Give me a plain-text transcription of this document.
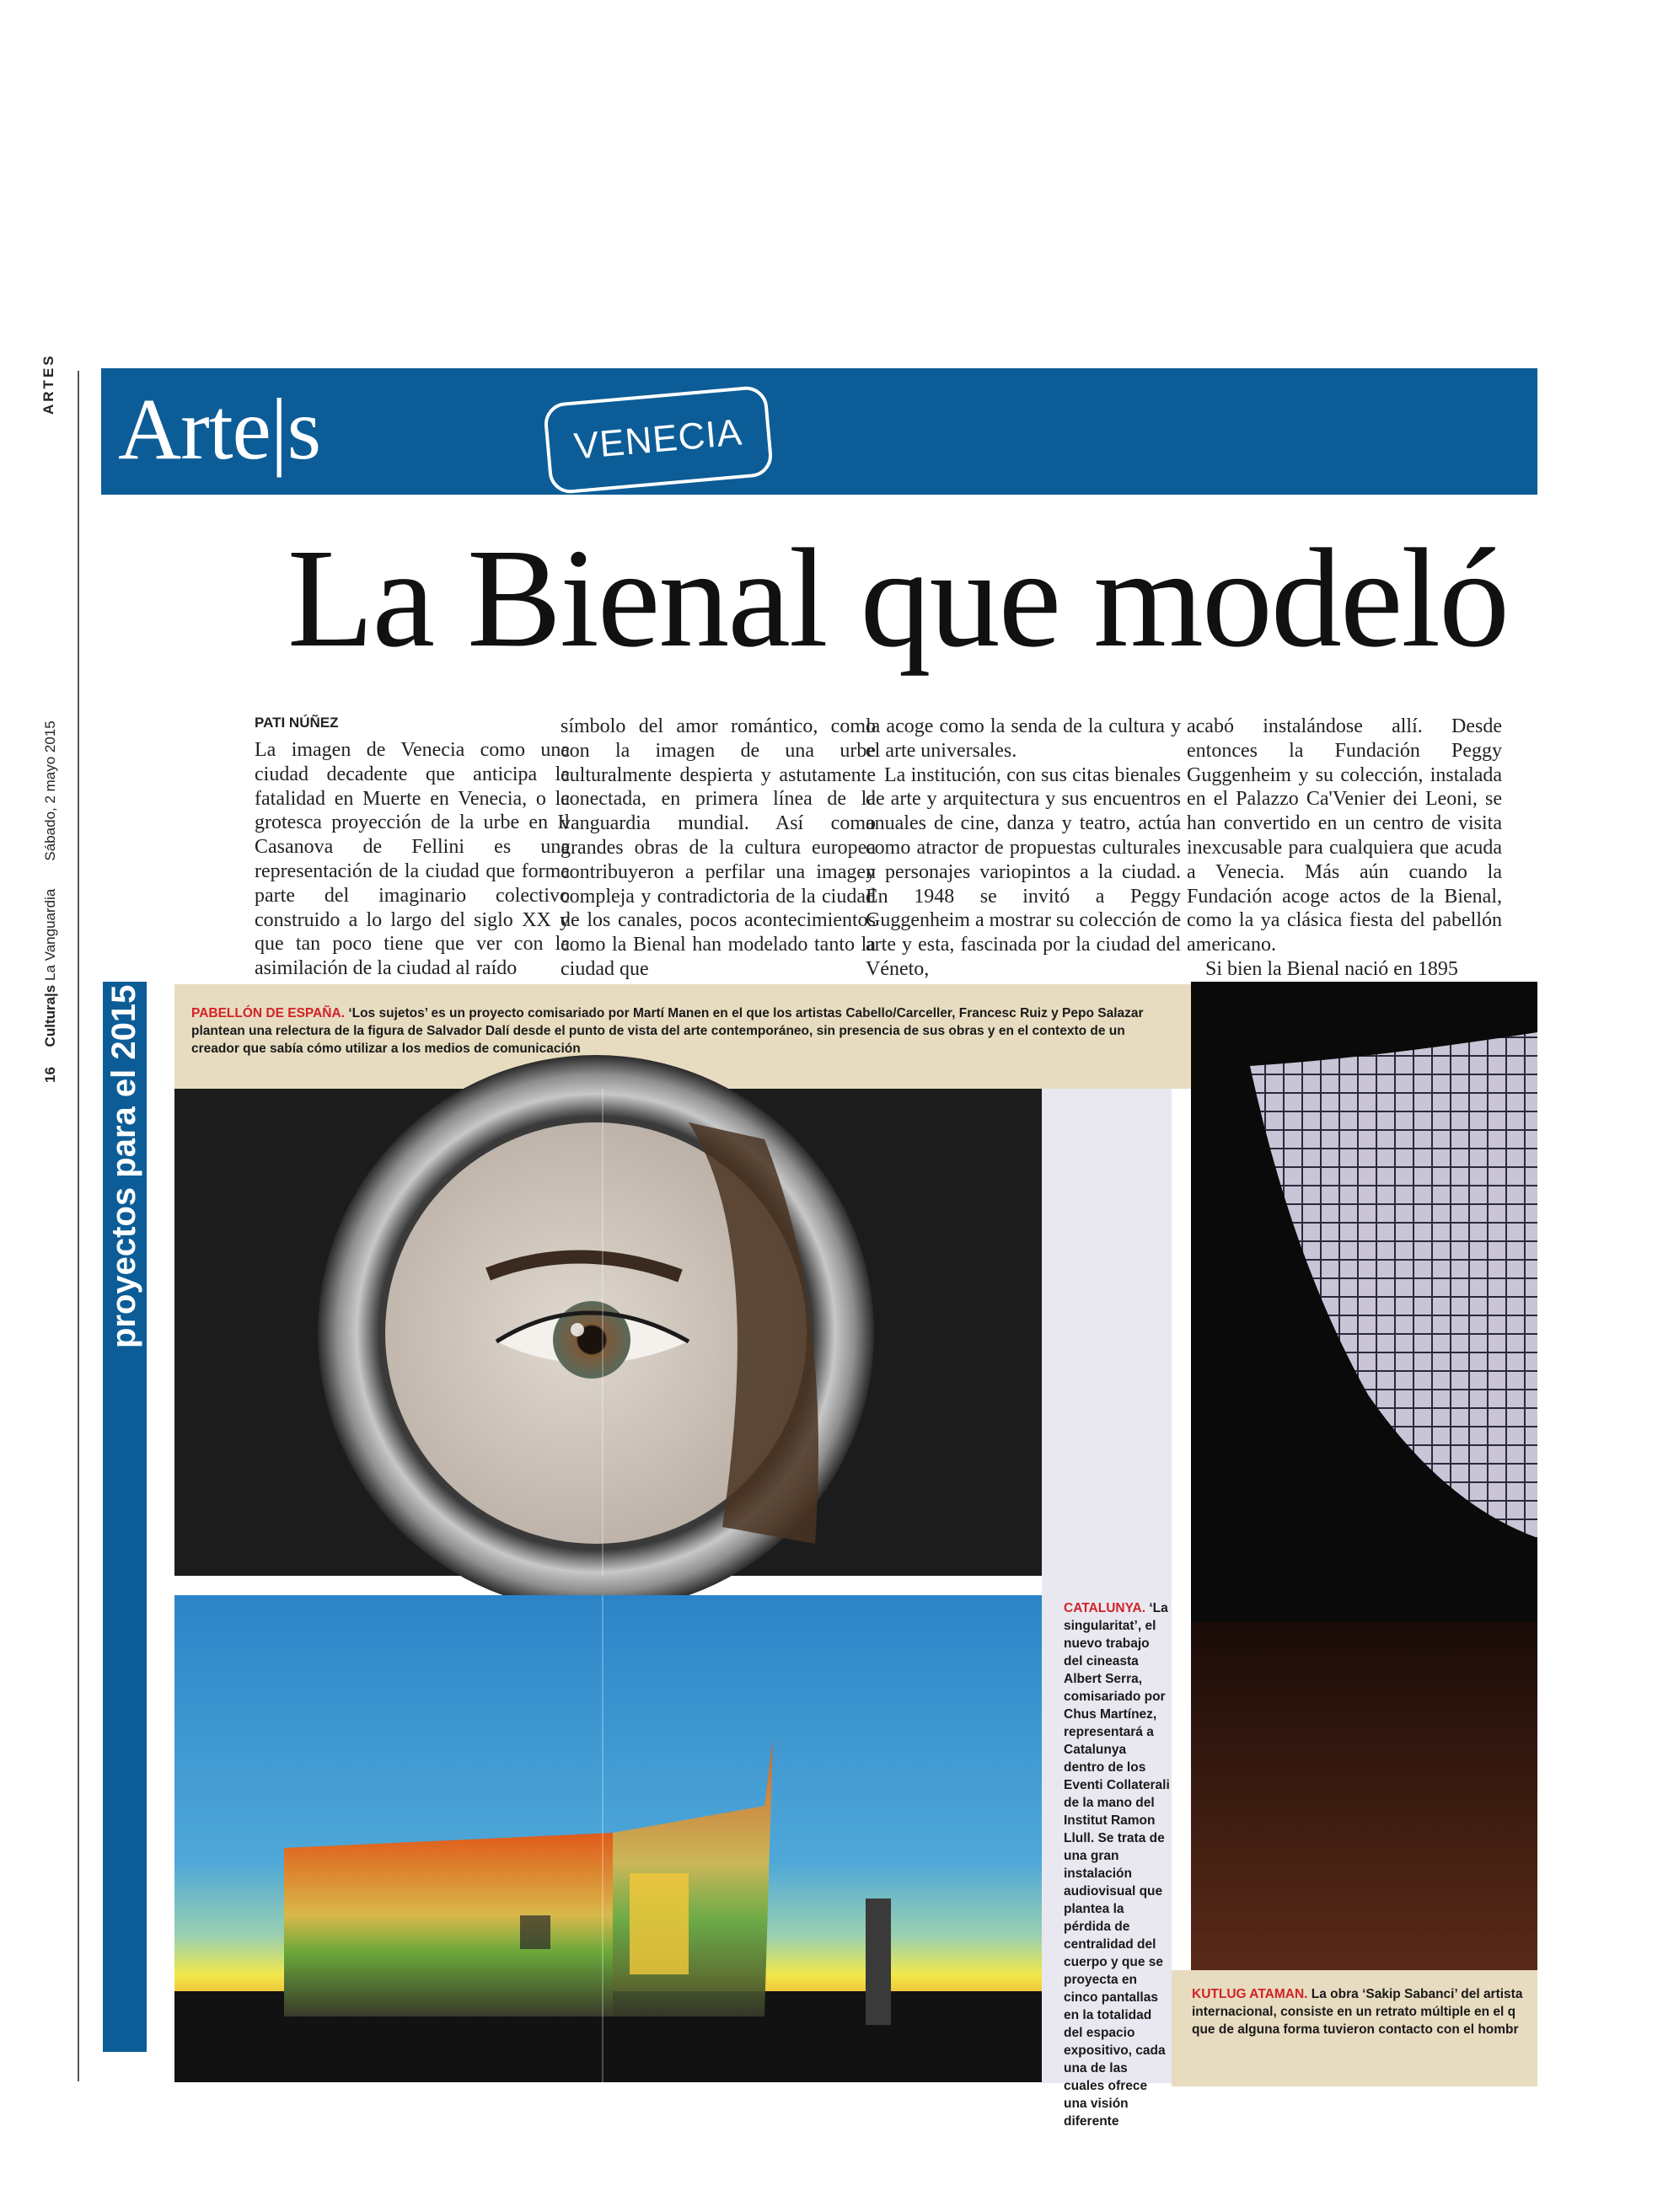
ARTES
16     Cultura|s La Vanguardia       Sábado, 2 mayo 2015
Arte|s	VENECIA
La Bienal que modeló
PATI NÚÑEZ

La imagen de Venecia como una ciudad decadente que anticipa la fatalidad en Muerte en Venecia, o la grotesca proyección de la urbe en Il Casanova de Fellini es una representación de la ciudad que forma parte del imaginario colectivo construido a lo largo del siglo XX y que tan poco tiene que ver con la asimilación de la ciudad al raído

símbolo del amor romántico, como con la imagen de una urbe culturalmente despierta y astutamente conectada, en primera línea de la vanguardia mundial. Así como grandes obras de la cultura europea contribuyeron a perfilar una imagen compleja y contradictoria de la ciudad de los canales, pocos acontecimientos como la Bienal han modelado tanto la ciudad que

la acoge como la senda de la cultura y el arte universales.

La institución, con sus citas bienales de arte y arquitectura y sus encuentros anuales de cine, danza y teatro, actúa como atractor de propuestas culturales y personajes variopintos a la ciudad. En 1948 se invitó a Peggy Guggenheim a mostrar su colección de arte y esta, fascinada por la ciudad del Véneto,

acabó instalándose allí. Desde entonces la Fundación Peggy Guggenheim y su colección, instalada en el Palazzo Ca'Venier dei Leoni, se han convertido en un centro de visita inexcusable para cualquiera que acuda a Venecia. Más aún cuando la Fundación acoge actos de la Bienal, como la ya clásica fiesta del pabellón americano.

Si bien la Bienal nació en 1895

proyectos para el 2015	PABELLÓN DE ESPAÑA. ‘Los sujetos’ es un proyecto comisariado por Martí Manen en el que los artistas Cabello/Carceller, Francesc Ruiz y Pepo Salazar plantean una relectura de la figura de Salvador Dalí desde el punto de vista del arte contemporáneo, sin presencia de sus obras y en el contexto de un creador que sabía cómo utilizar a los medios de comunicación
CATALUNYA. ‘La singularitat’, el nuevo trabajo del cineasta Albert Serra, comisariado por Chus Martínez, representará a Catalunya dentro de los Eventi Collaterali de la mano del Institut Ramon Llull. Se trata de una gran instalación audiovisual que plantea la pérdida de centralidad del cuerpo y que se proyecta en cinco pantallas en la totalidad del espacio expositivo, cada una de las cuales ofrece una visión diferente
KUTLUG ATAMAN. La obra ‘Sakip Sabanci’ del artista
internacional, consiste en un retrato múltiple en el q
que de alguna forma tuvieron contacto con el hombr
